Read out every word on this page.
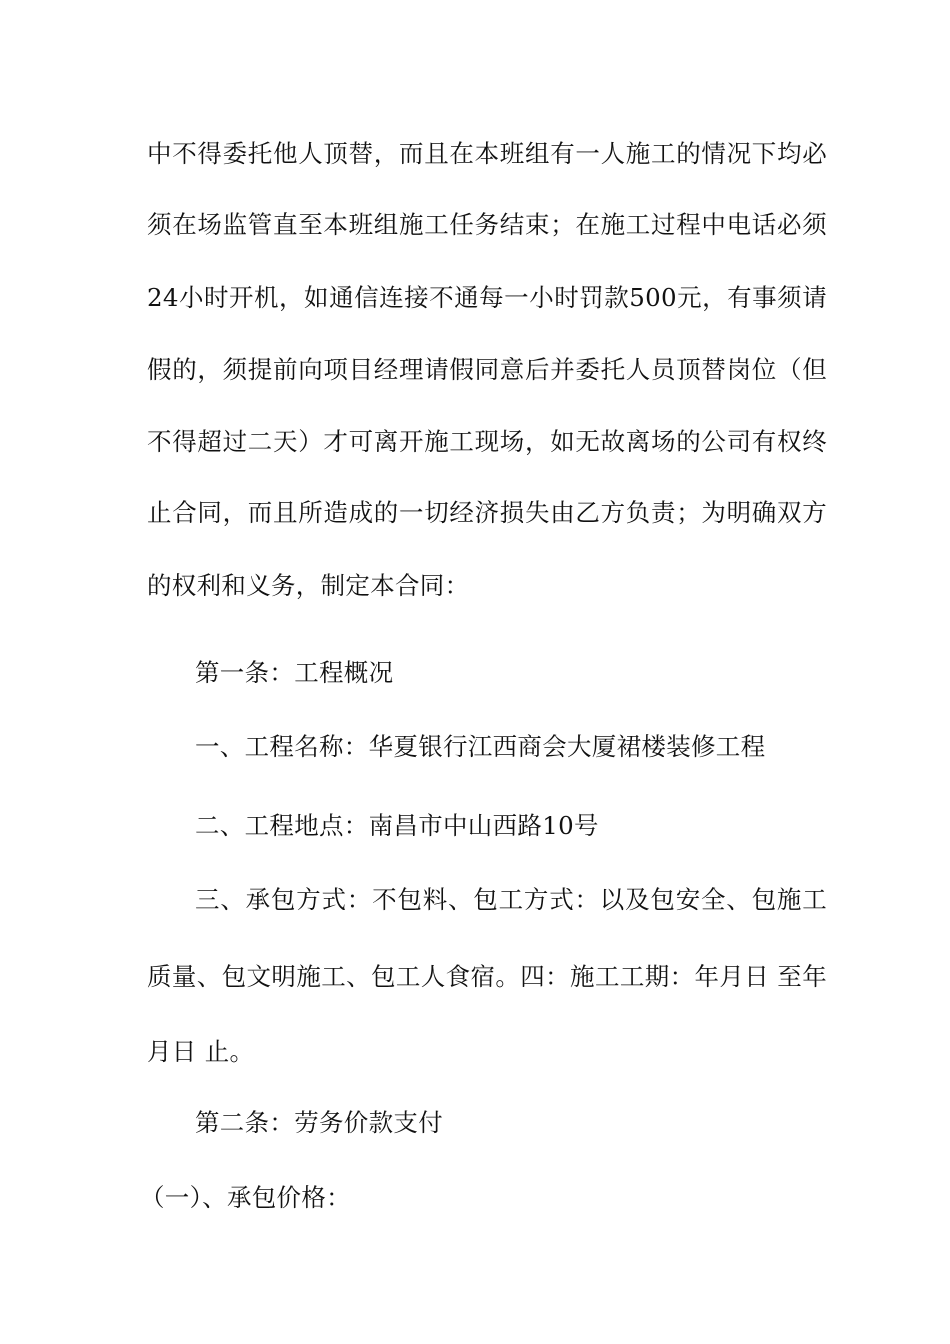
中不得委托他人顶替，而且在本班组有一人施工的情况下均必
须在场监管直至本班组施工任务结束；在施工过程中电话必须
24小时开机，如通信连接不通每一小时罚款500元，有事须请
假的，须提前向项目经理请假同意后并委托人员顶替岗位（但
不得超过二天）才可离开施工现场，如无故离场的公司有权终
止合同，而且所造成的一切经济损失由乙方负责；为明确双方
的权利和义务，制定本合同：
第一条：工程概况
一、工程名称：华夏银行江西商会大厦裙楼装修工程
二、工程地点：南昌市中山西路10号
三、承包方式：不包料、包工方式：以及包安全、包施工
质量、包文明施工、包工人食宿。四：施工工期：年月日 至年
月日 止。
第二条：劳务价款支付
（一）、承包价格：
